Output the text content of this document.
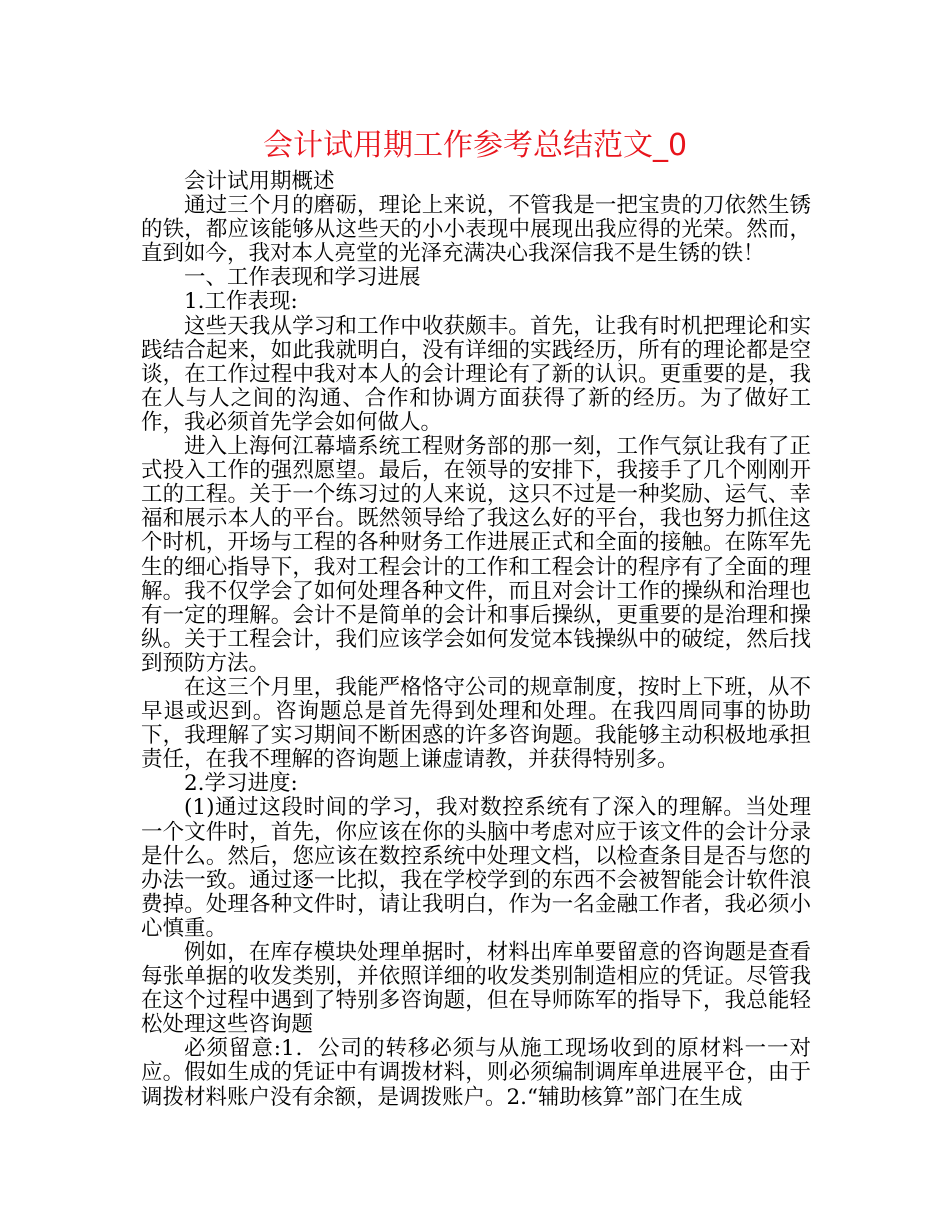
会计试用期工作参考总结范文_0

会计试用期概述

通过三个月的磨砺，理论上来说，不管我是一把宝贵的刀依然生锈的铁，都应该能够从这些天的小小表现中展现出我应得的光荣。然而，直到如今，我对本人亮堂的光泽充满决心我深信我不是生锈的铁！

一、工作表现和学习进展

1.工作表现:

这些天我从学习和工作中收获颇丰。首先，让我有时机把理论和实践结合起来，如此我就明白，没有详细的实践经历，所有的理论都是空谈，在工作过程中我对本人的会计理论有了新的认识。更重要的是，我在人与人之间的沟通、合作和协调方面获得了新的经历。为了做好工作，我必须首先学会如何做人。

进入上海何江幕墙系统工程财务部的那一刻，工作气氛让我有了正式投入工作的强烈愿望。最后，在领导的安排下，我接手了几个刚刚开工的工程。关于一个练习过的人来说，这只不过是一种奖励、运气、幸福和展示本人的平台。既然领导给了我这么好的平台，我也努力抓住这个时机，开场与工程的各种财务工作进展正式和全面的接触。在陈军先生的细心指导下，我对工程会计的工作和工程会计的程序有了全面的理解。我不仅学会了如何处理各种文件，而且对会计工作的操纵和治理也有一定的理解。会计不是简单的会计和事后操纵，更重要的是治理和操纵。关于工程会计，我们应该学会如何发觉本钱操纵中的破绽，然后找到预防方法。

在这三个月里，我能严格恪守公司的规章制度，按时上下班，从不早退或迟到。咨询题总是首先得到处理和处理。在我四周同事的协助下，我理解了实习期间不断困惑的许多咨询题。我能够主动积极地承担责任，在我不理解的咨询题上谦虚请教，并获得特别多。

2.学习进度:

(1)通过这段时间的学习，我对数控系统有了深入的理解。当处理一个文件时，首先，你应该在你的头脑中考虑对应于该文件的会计分录是什么。然后，您应该在数控系统中处理文档，以检查条目是否与您的办法一致。通过逐一比拟，我在学校学到的东西不会被智能会计软件浪费掉。处理各种文件时，请让我明白，作为一名金融工作者，我必须小心慎重。

例如，在库存模块处理单据时，材料出库单要留意的咨询题是查看每张单据的收发类别，并依照详细的收发类别制造相应的凭证。尽管我在这个过程中遇到了特别多咨询题，但在导师陈军的指导下，我总能轻松处理这些咨询题

必须留意:1．公司的转移必须与从施工现场收到的原材料一一对应。假如生成的凭证中有调拨材料，则必须编制调库单进展平仓，由于调拨材料账户没有余额，是调拨账户。2.“辅助核算”部门在生成
